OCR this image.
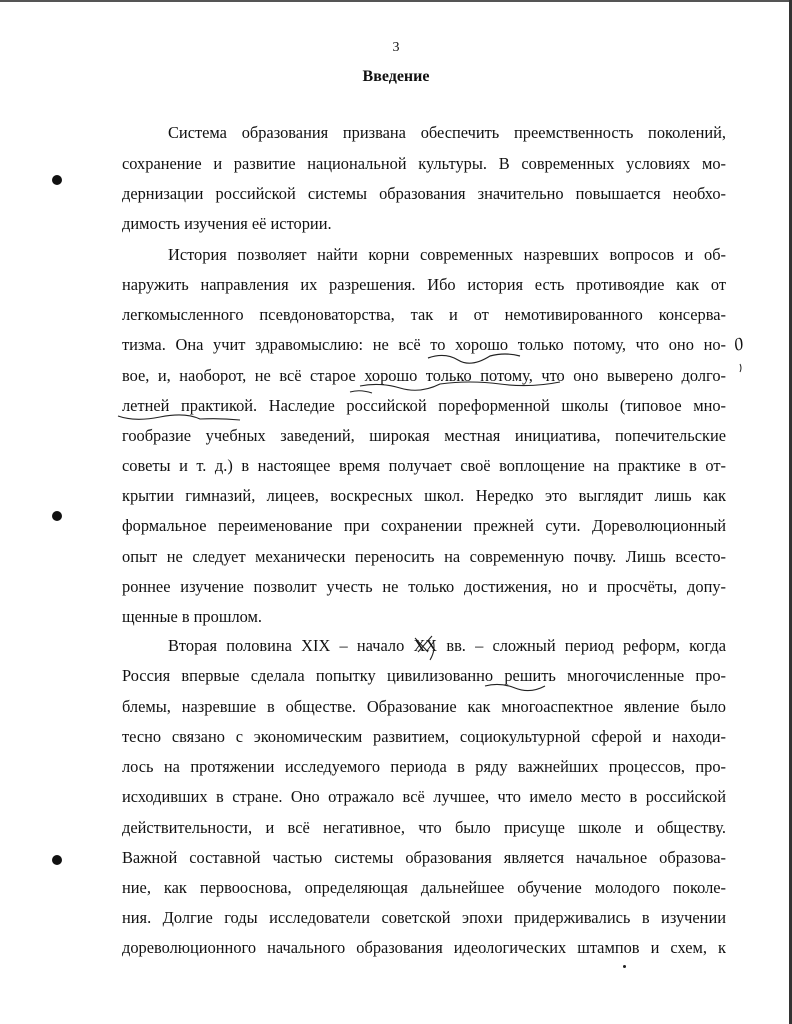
3
Введение
Система образования призвана обеспечить преемственность поколений,
сохранение и развитие национальной культуры. В современных условиях мо-
дернизации российской системы образования значительно повышается необхо-
димость изучения её истории.
История позволяет найти корни современных назревших вопросов и об-
наружить направления их разрешения. Ибо история есть противоядие как от
легкомысленного псевдоноваторства, так и от немотивированного консерва-
тизма. Она учит здравомыслию: не всё то хорошо только потому, что оно но-
вое, и, наоборот, не всё старое хорошо только потому, что оно выверено долго-
летней практикой. Наследие российской пореформенной школы (типовое мно-
гообразие учебных заведений, широкая местная инициатива, попечительские
советы и т. д.) в настоящее время получает своё воплощение на практике в от-
крытии гимназий, лицеев, воскресных школ. Нередко это выглядит лишь как
формальное переименование при сохранении прежней сути. Дореволюционный
опыт не следует механически переносить на современную почву. Лишь всесто-
роннее изучение позволит учесть не только достижения, но и просчёты, допу-
щенные в прошлом.
Вторая половина XIX – начало XX вв. – сложный период реформ, когда
Россия впервые сделала попытку цивилизованно решить многочисленные про-
блемы, назревшие в обществе. Образование как многоаспектное явление было
тесно связано с экономическим развитием, социокультурной сферой и находи-
лось на протяжении исследуемого периода в ряду важнейших процессов, про-
исходивших в стране. Оно отражало всё лучшее, что имело место в российской
действительности, и всё негативное, что было присуще школе и обществу.
Важной составной частью системы образования является начальное образова-
ние, как первооснова, определяющая дальнейшее обучение молодого поколе-
ния. Долгие годы исследователи советской эпохи придерживались в изучении
дореволюционного начального образования идеологических штампов и схем, к
0
